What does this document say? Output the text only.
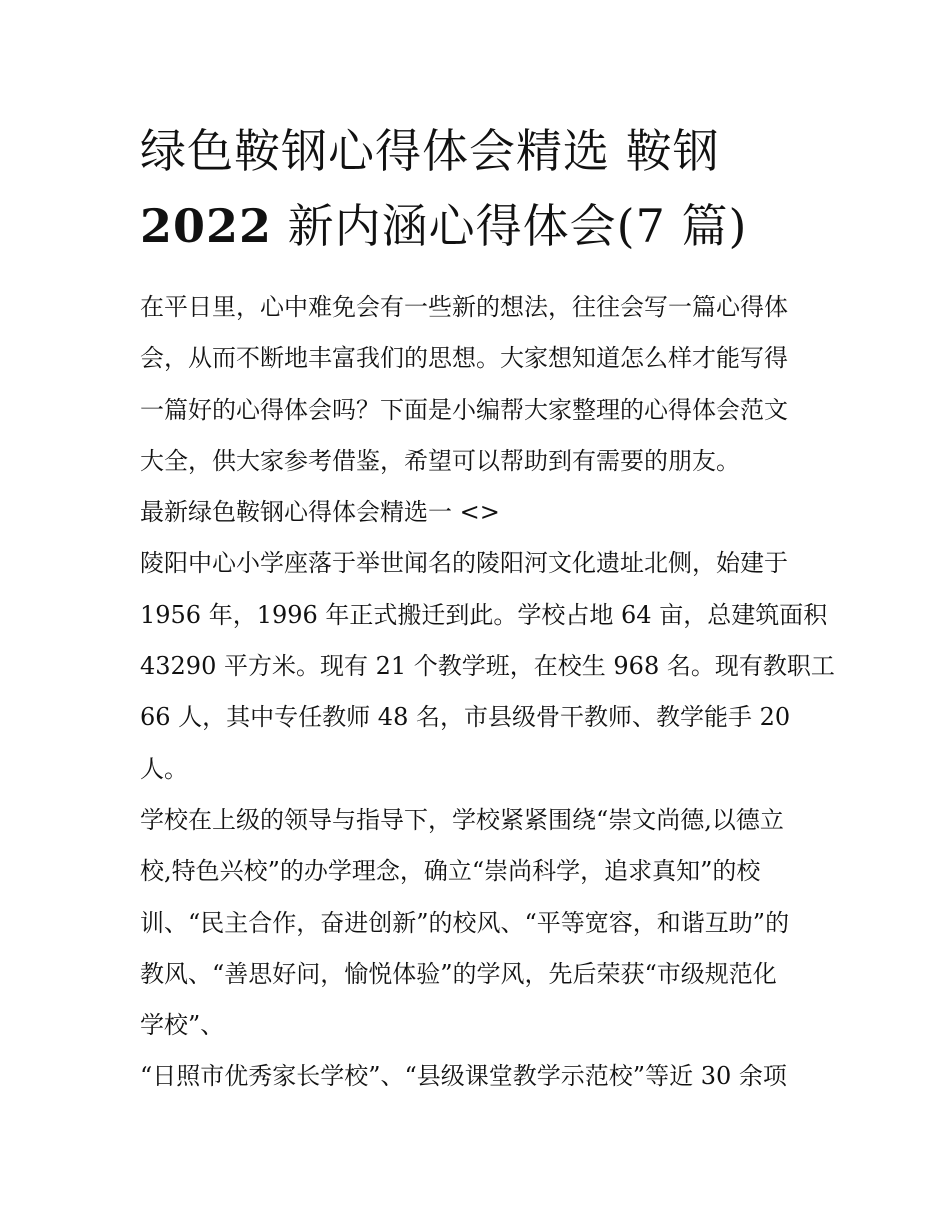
绿色鞍钢心得体会精选 鞍钢
2022 新内涵心得体会(7 篇)
在平日里，心中难免会有一些新的想法，往往会写一篇心得体
会，从而不断地丰富我们的思想。大家想知道怎么样才能写得
一篇好的心得体会吗？下面是小编帮大家整理的心得体会范文
大全，供大家参考借鉴，希望可以帮助到有需要的朋友。
最新绿色鞍钢心得体会精选一 <>
陵阳中心小学座落于举世闻名的陵阳河文化遗址北侧，始建于
1956 年，1996 年正式搬迁到此。学校占地 64 亩，总建筑面积
43290 平方米。现有 21 个教学班，在校生 968 名。现有教职工
66 人，其中专任教师 48 名，市县级骨干教师、教学能手 20
人。
学校在上级的领导与指导下，学校紧紧围绕“崇文尚德,以德立
校,特色兴校”的办学理念，确立“崇尚科学，追求真知”的校
训、“民主合作，奋进创新”的校风、“平等宽容，和谐互助”的
教风、“善思好问，愉悦体验”的学风，先后荣获“市级规范化
学校”、
“日照市优秀家长学校”、“县级课堂教学示范校”等近 30 余项
